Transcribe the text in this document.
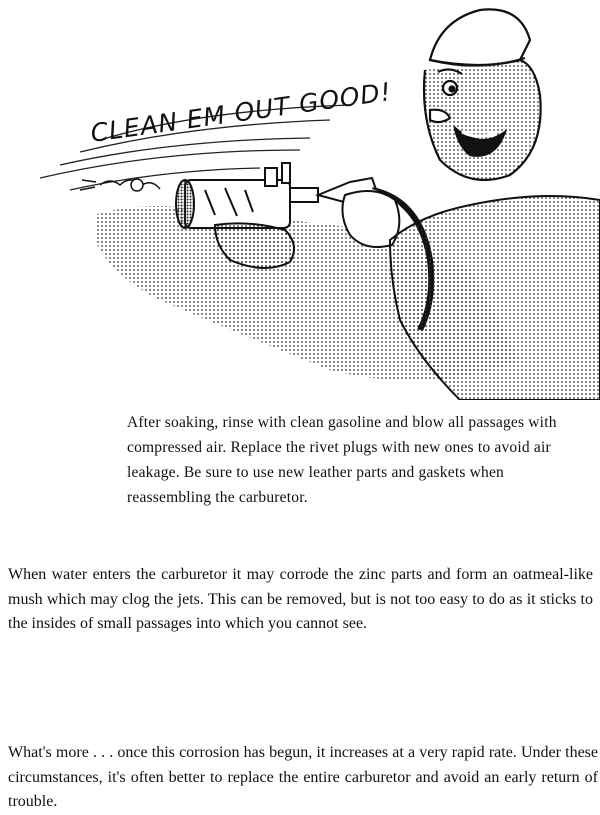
CLEAN EM OUT GOOD!

After soaking, rinse with clean gasoline and blow all passages with compressed air. Replace the rivet plugs with new ones to avoid air leakage. Be sure to use new leather parts and gaskets when reassembling the carburetor.

When water enters the carburetor it may corrode the zinc parts and form an oatmeal-like mush which may clog the jets. This can be removed, but is not too easy to do as it sticks to the insides of small passages into which you cannot see.

What's more . . . once this corrosion has begun, it increases at a very rapid rate. Under these circumstances, it's often better to replace the entire carburetor and avoid an early return of trouble.
